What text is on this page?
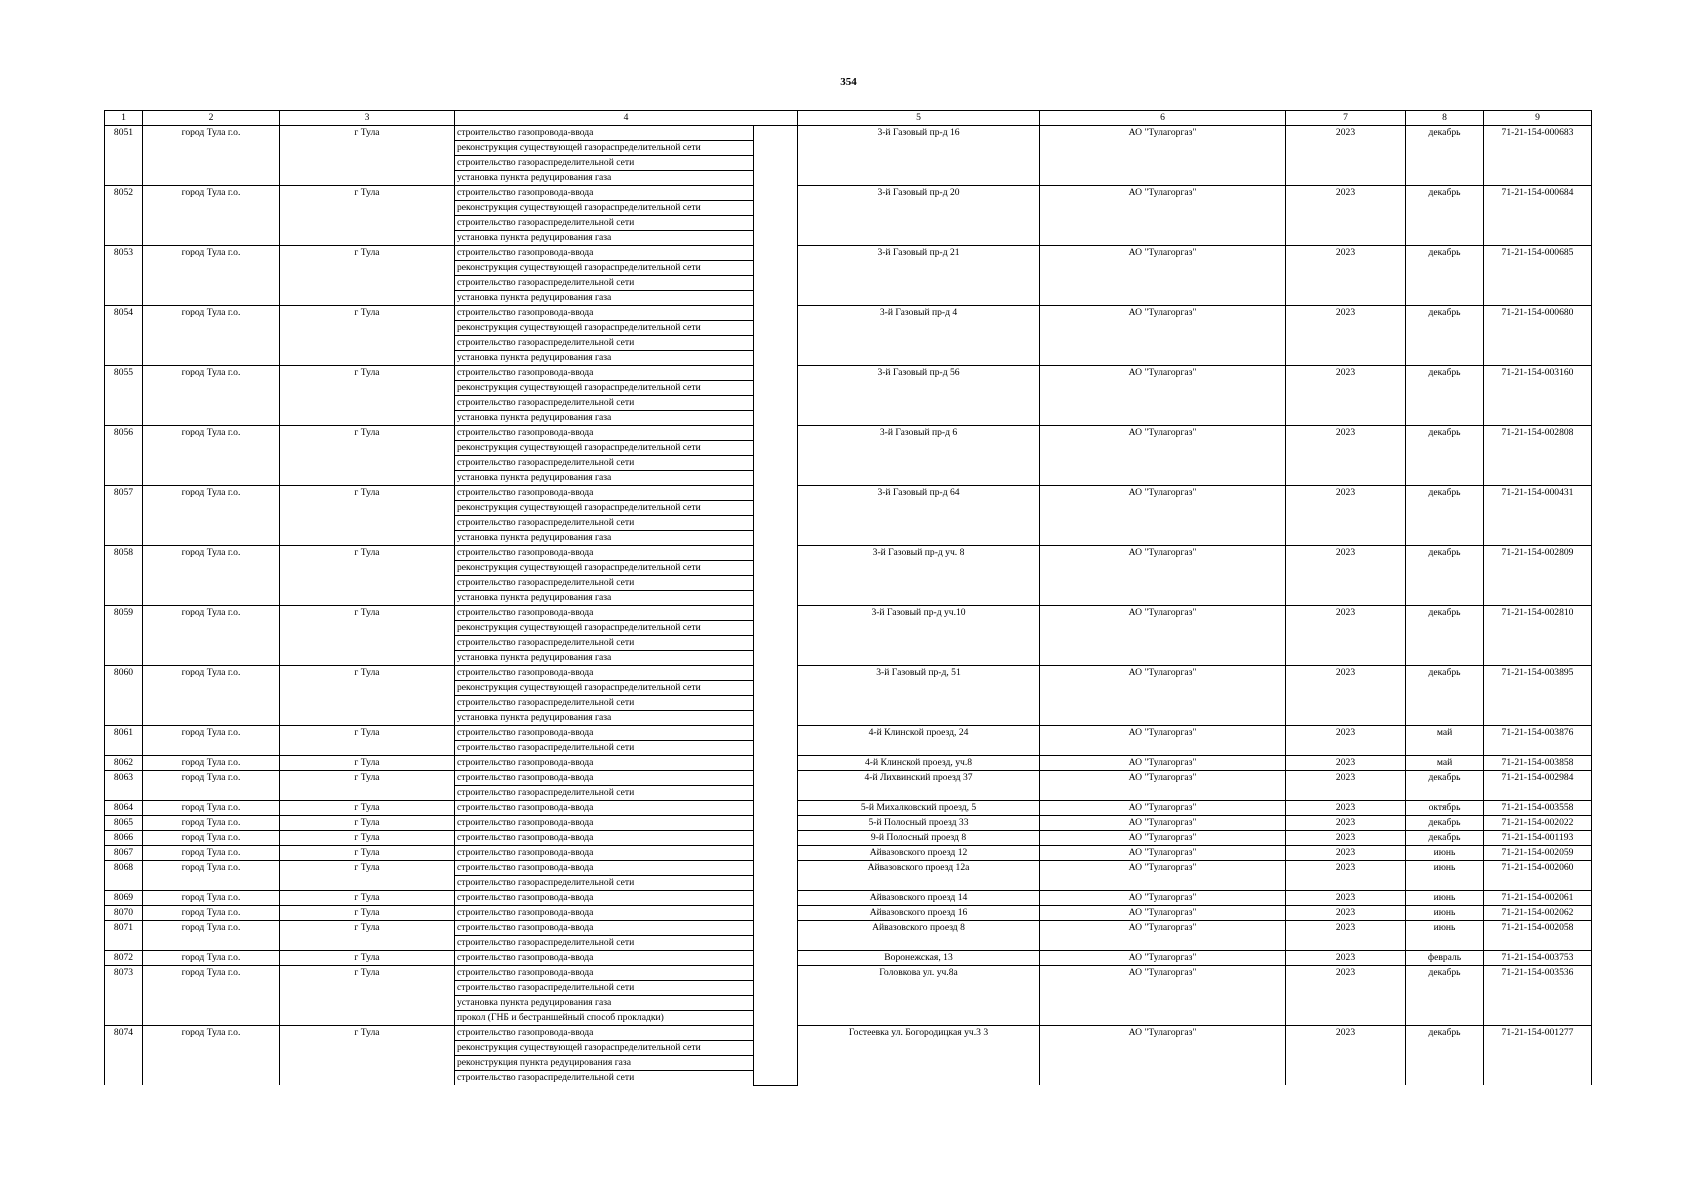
354
1	2	3	4		5	6	7	8	9
8051	город Тула г.о.	г Тула	строительство газопровода-ввода		3-й Газовый пр-д 16	АО "Тулагоргаз"	2023	декабрь	71-21-154-000683
			реконструкция существующей газораспределительной сети						
			строительство газораспределительной сети						
			установка пункта редуцирования газа						
8052	город Тула г.о.	г Тула	строительство газопровода-ввода		3-й Газовый пр-д 20	АО "Тулагоргаз"	2023	декабрь	71-21-154-000684
			реконструкция существующей газораспределительной сети						
			строительство газораспределительной сети						
			установка пункта редуцирования газа						
8053	город Тула г.о.	г Тула	строительство газопровода-ввода		3-й Газовый пр-д 21	АО "Тулагоргаз"	2023	декабрь	71-21-154-000685
			реконструкция существующей газораспределительной сети						
			строительство газораспределительной сети						
			установка пункта редуцирования газа						
8054	город Тула г.о.	г Тула	строительство газопровода-ввода		3-й Газовый пр-д 4	АО "Тулагоргаз"	2023	декабрь	71-21-154-000680
			реконструкция существующей газораспределительной сети						
			строительство газораспределительной сети						
			установка пункта редуцирования газа						
8055	город Тула г.о.	г Тула	строительство газопровода-ввода		3-й Газовый пр-д 56	АО "Тулагоргаз"	2023	декабрь	71-21-154-003160
			реконструкция существующей газораспределительной сети						
			строительство газораспределительной сети						
			установка пункта редуцирования газа						
8056	город Тула г.о.	г Тула	строительство газопровода-ввода		3-й Газовый пр-д 6	АО "Тулагоргаз"	2023	декабрь	71-21-154-002808
			реконструкция существующей газораспределительной сети						
			строительство газораспределительной сети						
			установка пункта редуцирования газа						
8057	город Тула г.о.	г Тула	строительство газопровода-ввода		3-й Газовый пр-д 64	АО "Тулагоргаз"	2023	декабрь	71-21-154-000431
			реконструкция существующей газораспределительной сети						
			строительство газораспределительной сети						
			установка пункта редуцирования газа						
8058	город Тула г.о.	г Тула	строительство газопровода-ввода		3-й Газовый пр-д уч. 8	АО "Тулагоргаз"	2023	декабрь	71-21-154-002809
			реконструкция существующей газораспределительной сети						
			строительство газораспределительной сети						
			установка пункта редуцирования газа						
8059	город Тула г.о.	г Тула	строительство газопровода-ввода		3-й Газовый пр-д уч.10	АО "Тулагоргаз"	2023	декабрь	71-21-154-002810
			реконструкция существующей газораспределительной сети						
			строительство газораспределительной сети						
			установка пункта редуцирования газа						
8060	город Тула г.о.	г Тула	строительство газопровода-ввода		3-й Газовый пр-д, 51	АО "Тулагоргаз"	2023	декабрь	71-21-154-003895
			реконструкция существующей газораспределительной сети						
			строительство газораспределительной сети						
			установка пункта редуцирования газа						
8061	город Тула г.о.	г Тула	строительство газопровода-ввода		4-й Клинской проезд, 24	АО "Тулагоргаз"	2023	май	71-21-154-003876
			строительство газораспределительной сети						
8062	город Тула г.о.	г Тула	строительство газопровода-ввода		4-й Клинской проезд, уч.8	АО "Тулагоргаз"	2023	май	71-21-154-003858
8063	город Тула г.о.	г Тула	строительство газопровода-ввода		4-й Лихвинский проезд 37	АО "Тулагоргаз"	2023	декабрь	71-21-154-002984
			строительство газораспределительной сети						
8064	город Тула г.о.	г Тула	строительство газопровода-ввода		5-й Михалковский проезд, 5	АО "Тулагоргаз"	2023	октябрь	71-21-154-003558
8065	город Тула г.о.	г Тула	строительство газопровода-ввода		5-й Полосный проезд 33	АО "Тулагоргаз"	2023	декабрь	71-21-154-002022
8066	город Тула г.о.	г Тула	строительство газопровода-ввода		9-й Полосный проезд 8	АО "Тулагоргаз"	2023	декабрь	71-21-154-001193
8067	город Тула г.о.	г Тула	строительство газопровода-ввода		Айвазовского проезд 12	АО "Тулагоргаз"	2023	июнь	71-21-154-002059
8068	город Тула г.о.	г Тула	строительство газопровода-ввода		Айвазовского проезд 12а	АО "Тулагоргаз"	2023	июнь	71-21-154-002060
			строительство газораспределительной сети						
8069	город Тула г.о.	г Тула	строительство газопровода-ввода		Айвазовского проезд 14	АО "Тулагоргаз"	2023	июнь	71-21-154-002061
8070	город Тула г.о.	г Тула	строительство газопровода-ввода		Айвазовского проезд 16	АО "Тулагоргаз"	2023	июнь	71-21-154-002062
8071	город Тула г.о.	г Тула	строительство газопровода-ввода		Айвазовского проезд 8	АО "Тулагоргаз"	2023	июнь	71-21-154-002058
			строительство газораспределительной сети						
8072	город Тула г.о.	г Тула	строительство газопровода-ввода		Воронежская, 13	АО "Тулагоргаз"	2023	февраль	71-21-154-003753
8073	город Тула г.о.	г Тула	строительство газопровода-ввода		Головкова ул. уч.8а	АО "Тулагоргаз"	2023	декабрь	71-21-154-003536
			строительство газораспределительной сети						
			установка пункта редуцирования газа						
			прокол (ГНБ и бестраншейный способ прокладки)						
8074	город Тула г.о.	г Тула	строительство газопровода-ввода		Гостеевка ул. Богородицкая уч.3 3	АО "Тулагоргаз"	2023	декабрь	71-21-154-001277
			реконструкция существующей газораспределительной сети						
			реконструкция пункта редуцирования газа						
			строительство газораспределительной сети						
